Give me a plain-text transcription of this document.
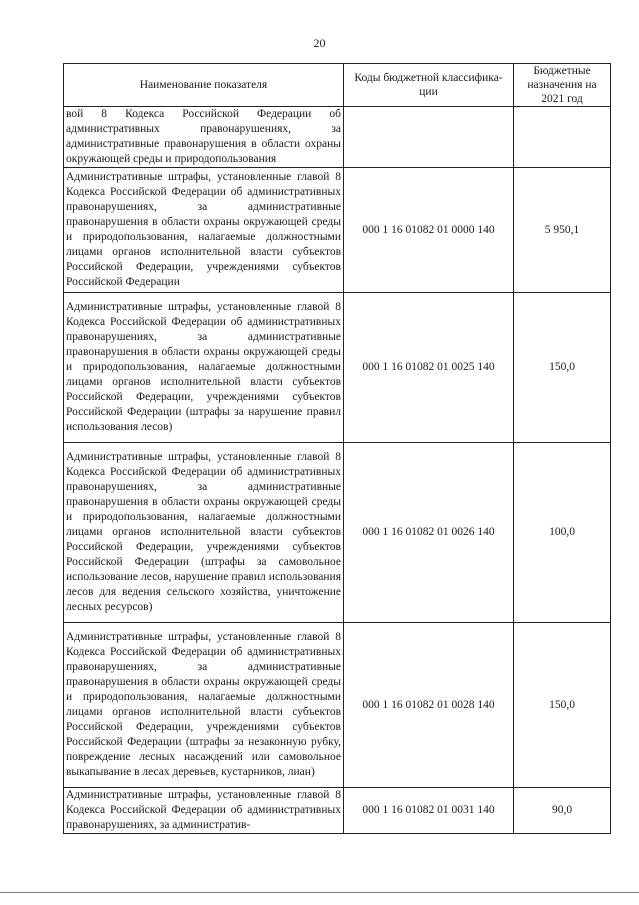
20
Наименование показателя	Коды бюджетной классифика-ции	Бюджетные назначения на 2021 год
вой 8 Кодекса Российской Федерации об административных правонарушениях, за административные правонарушения в области охраны окружающей среды и природопользования		
Административные штрафы, установленные главой 8 Кодекса Российской Федерации об административных правонарушениях, за административные правонарушения в области охраны окружающей среды и природопользования, налагаемые должностными лицами органов исполнительной власти субъектов Российской Федерации, учреждениями субъектов Российской Федерации	000 1 16 01082 01 0000 140	5 950,1
Административные штрафы, установленные главой 8 Кодекса Российской Федерации об административных правонарушениях, за административные правонарушения в области охраны окружающей среды и природопользования, налагаемые должностными лицами органов исполнительной власти субъектов Российской Федерации, учреждениями субъектов Российской Федерации (штрафы за нарушение правил использования лесов)	000 1 16 01082 01 0025 140	150,0
Административные штрафы, установленные главой 8 Кодекса Российской Федерации об административных правонарушениях, за административные правонарушения в области охраны окружающей среды и природопользования, налагаемые должностными лицами органов исполнительной власти субъектов Российской Федерации, учреждениями субъектов Российской Федерации (штрафы за самовольное использование лесов, нарушение правил использования лесов для ведения сельского хозяйства, уничтожение лесных ресурсов)	000 1 16 01082 01 0026 140	100,0
Административные штрафы, установленные главой 8 Кодекса Российской Федерации об административных правонарушениях, за административные правонарушения в области охраны окружающей среды и природопользования, налагаемые должностными лицами органов исполнительной власти субъектов Российской Федерации, учреждениями субъектов Российской Федерации (штрафы за незаконную рубку, повреждение лесных насаждений или самовольное выкапывание в лесах деревьев, кустарников, лиан)	000 1 16 01082 01 0028 140	150,0
Административные штрафы, установленные главой 8 Кодекса Российской Федерации об административных правонарушениях, за административ-	000 1 16 01082 01 0031 140	90,0
